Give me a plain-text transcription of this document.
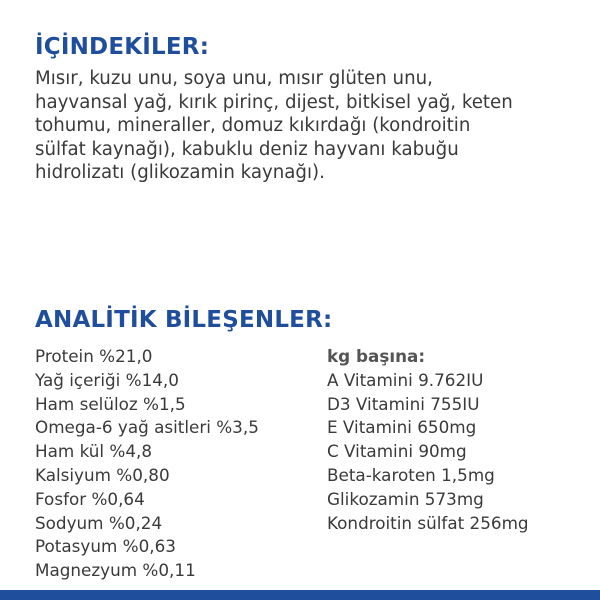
İÇİNDEKİLER:

Mısır, kuzu unu, soya unu, mısır glüten unu,
hayvansal yağ, kırık pirinç, dijest, bitkisel yağ, keten
tohumu, mineraller, domuz kıkırdağı (kondroitin
sülfat kaynağı), kabuklu deniz hayvanı kabuğu
hidrolizatı (glikozamin kaynağı).

ANALİTİK BİLEŞENLER:
Protein %21,0
Yağ içeriği %14,0
Ham selüloz %1,5
Omega-6 yağ asitleri %3,5
Ham kül %4,8
Kalsiyum %0,80
Fosfor %0,64
Sodyum %0,24
Potasyum %0,63
Magnezyum %0,11
kg başına:
A Vitamini 9.762IU
D3 Vitamini 755IU
E Vitamini 650mg
C Vitamini 90mg
Beta-karoten 1,5mg
Glikozamin 573mg
Kondroitin sülfat 256mg
